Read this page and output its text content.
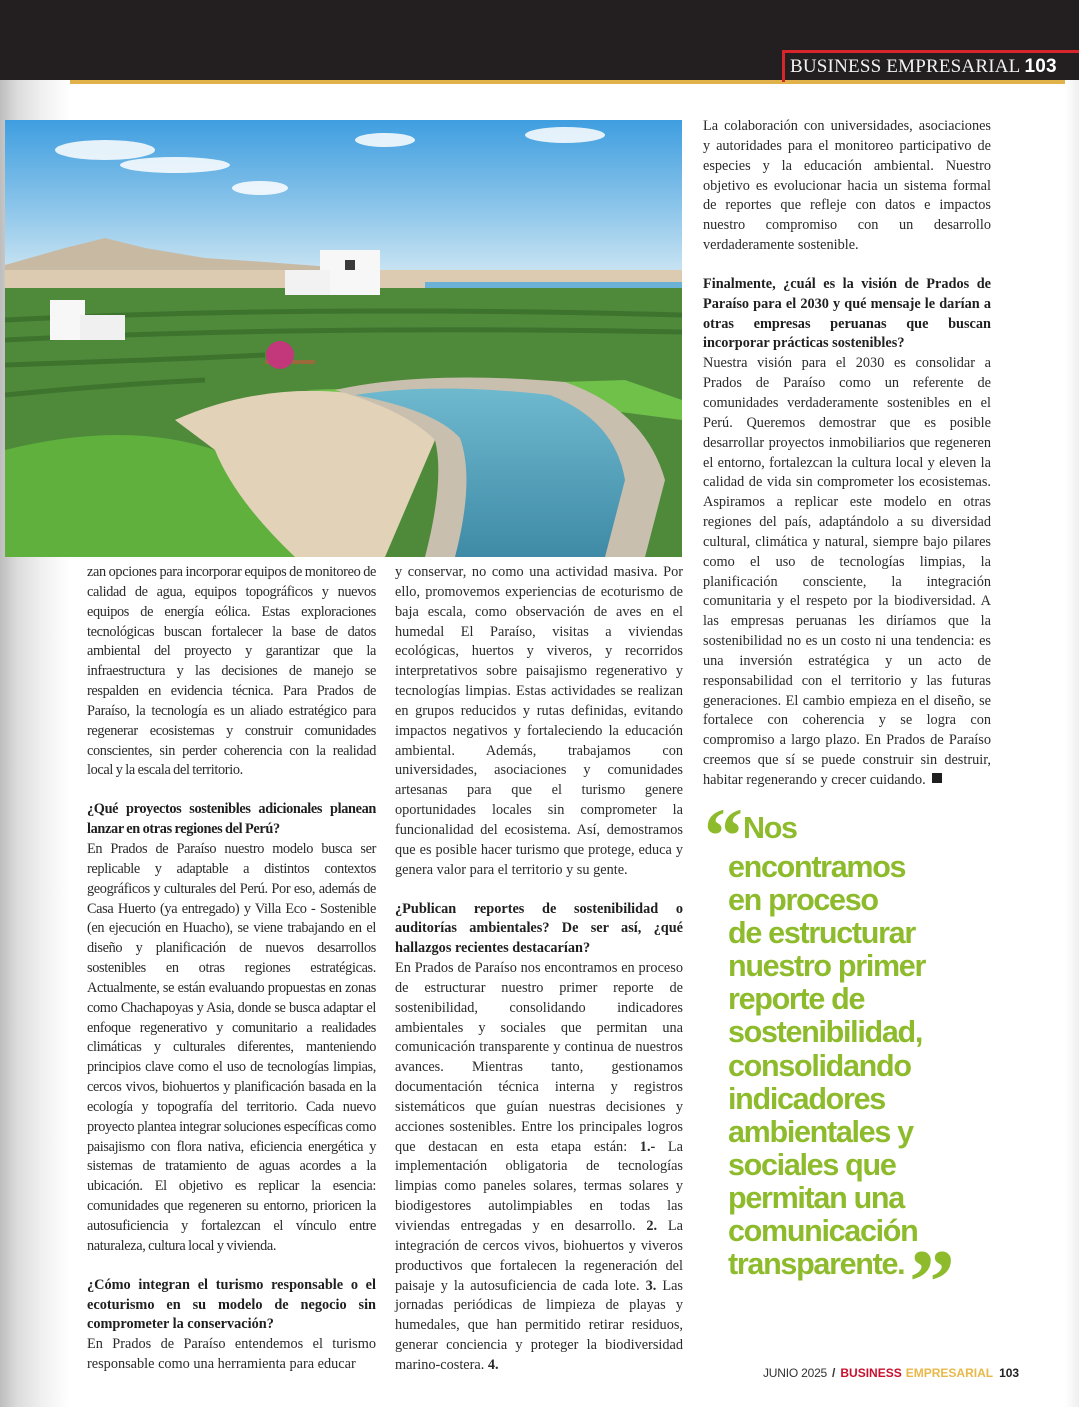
BUSINESS EMPRESARIAL 103

zan opciones para incorporar equipos de monitoreo de calidad de agua, equipos topográficos y nuevos equipos de energía eólica. Estas exploraciones tecnológicas buscan fortalecer la base de datos ambiental del proyecto y garantizar que la infraestructura y las decisiones de manejo se respalden en evidencia técnica. Para Prados de Paraíso, la tecnología es un aliado estratégico para regenerar ecosistemas y construir comunidades conscientes, sin perder coherencia con la realidad local y la escala del territorio.

¿Qué proyectos sostenibles adicionales planean lanzar en otras regiones del Perú?

En Prados de Paraíso nuestro modelo busca ser replicable y adaptable a distintos contextos geográficos y culturales del Perú. Por eso, además de Casa Huerto (ya entregado) y Villa Eco - Sostenible (en ejecución en Huacho), se viene trabajando en el diseño y planificación de nuevos desarrollos sostenibles en otras regiones estratégicas. Actualmente, se están evaluando propuestas en zonas como Chachapoyas y Asia, donde se busca adaptar el enfoque regenerativo y comunitario a realidades climáticas y culturales diferentes, manteniendo principios clave como el uso de tecnologías limpias, cercos vivos, biohuertos y planificación basada en la ecología y topografía del territorio. Cada nuevo proyecto plantea integrar soluciones específicas como paisajismo con flora nativa, eficiencia energética y sistemas de tratamiento de aguas acordes a la ubicación. El objetivo es replicar la esencia: comunidades que regeneren su entorno, prioricen la autosuficiencia y fortalezcan el vínculo entre naturaleza, cultura local y vivienda.

¿Cómo integran el turismo responsable o el ecoturismo en su modelo de negocio sin comprometer la conservación?

En Prados de Paraíso entendemos el turismo responsable como una herramienta para educar

y conservar, no como una actividad masiva. Por ello, promovemos experiencias de ecoturismo de baja escala, como observación de aves en el humedal El Paraíso, visitas a viviendas ecológicas, huertos y viveros, y recorridos interpretativos sobre paisajismo regenerativo y tecnologías limpias. Estas actividades se realizan en grupos reducidos y rutas definidas, evitando impactos negativos y fortaleciendo la educación ambiental. Además, trabajamos con universidades, asociaciones y comunidades artesanas para que el turismo genere oportunidades locales sin comprometer la funcionalidad del ecosistema. Así, demostramos que es posible hacer turismo que protege, educa y genera valor para el territorio y su gente.

¿Publican reportes de sostenibilidad o auditorías ambientales? De ser así, ¿qué hallazgos recientes destacarían?

En Prados de Paraíso nos encontramos en proceso de estructurar nuestro primer reporte de sostenibilidad, consolidando indicadores ambientales y sociales que permitan una comunicación transparente y continua de nuestros avances. Mientras tanto, gestionamos documentación técnica interna y registros sistemáticos que guían nuestras decisiones y acciones sostenibles. Entre los principales logros que destacan en esta etapa están: 1.- La implementación obligatoria de tecnologías limpias como paneles solares, termas solares y biodigestores autolimpiables en todas las viviendas entregadas y en desarrollo. 2. La integración de cercos vivos, biohuertos y viveros productivos que fortalecen la regeneración del paisaje y la autosuficiencia de cada lote. 3. Las jornadas periódicas de limpieza de playas y humedales, que han permitido retirar residuos, generar conciencia y proteger la biodiversidad marino-costera. 4.

La colaboración con universidades, asociaciones y autoridades para el monitoreo participativo de especies y la educación ambiental. Nuestro objetivo es evolucionar hacia un sistema formal de reportes que refleje con datos e impactos nuestro compromiso con un desarrollo verdaderamente sostenible.

Finalmente, ¿cuál es la visión de Prados de Paraíso para el 2030 y qué mensaje le darían a otras empresas peruanas que buscan incorporar prácticas sostenibles?

Nuestra visión para el 2030 es consolidar a Prados de Paraíso como un referente de comunidades verdaderamente sostenibles en el Perú. Queremos demostrar que es posible desarrollar proyectos inmobiliarios que regeneren el entorno, fortalezcan la cultura local y eleven la calidad de vida sin comprometer los ecosistemas. Aspiramos a replicar este modelo en otras regiones del país, adaptándolo a su diversidad cultural, climática y natural, siempre bajo pilares como el uso de tecnologías limpias, la planificación consciente, la integración comunitaria y el respeto por la biodiversidad. A las empresas peruanas les diríamos que la sostenibilidad no es un costo ni una tendencia: es una inversión estratégica y un acto de responsabilidad con el territorio y las futuras generaciones. El cambio empieza en el diseño, se fortalece con coherencia y se logra con compromiso a largo plazo. En Prados de Paraíso creemos que sí se puede construir sin destruir, habitar regenerando y crecer cuidando.

“ Nos
encontramos
en proceso
de estructurar
nuestro primer
reporte de
sostenibilidad,
consolidando
indicadores
ambientales y
sociales que
permitan una
comunicación
transparente. ”
JUNIO 2025 / BUSINESS EMPRESARIAL 103
